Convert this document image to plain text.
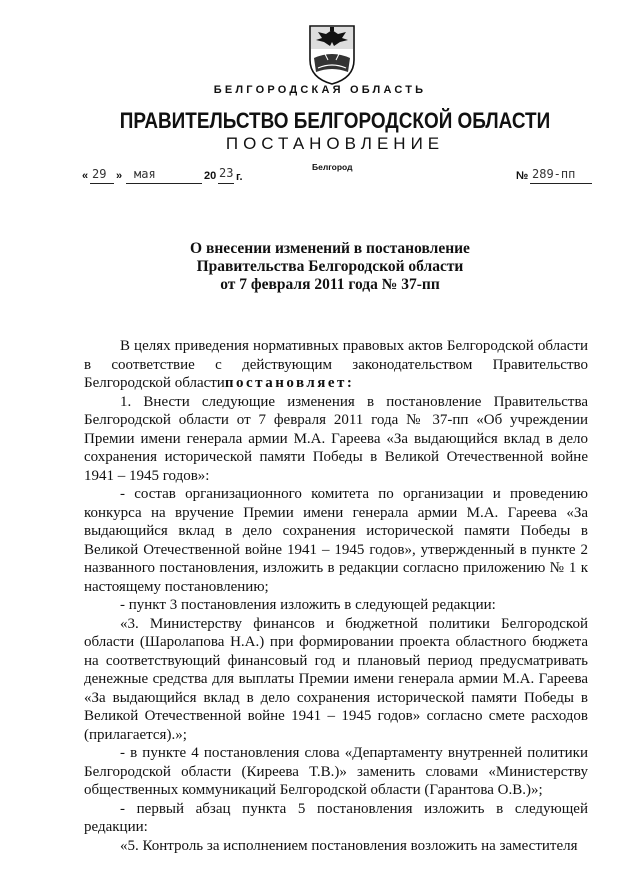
БЕЛГОРОДСКАЯ ОБЛАСТЬ
ПРАВИТЕЛЬСТВО БЕЛГОРОДСКОЙ ОБЛАСТИ
ПОСТАНОВЛЕНИЕ
Белгород
« 29 » мая	20 23 г.	№ 289-пп
О внесении изменений в постановление
Правительства Белгородской области
от 7 февраля 2011 года № 37-пп

В целях приведения нормативных правовых актов Белгородской области в соответствие с действующим законодательством Правительство Белгородской областипостановляет:

1. Внести следующие изменения в постановление Правительства Белгородской области от 7 февраля 2011 года № 37-пп «Об учреждении Премии имени генерала армии М.А. Гареева «За выдающийся вклад в дело сохранения исторической памяти Победы в Великой Отечественной войне 1941 – 1945 годов»:

- состав организационного комитета по организации и проведению конкурса на вручение Премии имени генерала армии М.А. Гареева «За выдающийся вклад в дело сохранения исторической памяти Победы в Великой Отечественной войне 1941 – 1945 годов», утвержденный в пункте 2 названного постановления, изложить в редакции согласно приложению № 1 к настоящему постановлению;

- пункт 3 постановления изложить в следующей редакции:

«3. Министерству финансов и бюджетной политики Белгородской области (Шаролапова Н.А.) при формировании проекта областного бюджета на соответствующий финансовый год и плановый период предусматривать денежные средства для выплаты Премии имени генерала армии М.А. Гареева «За выдающийся вклад в дело сохранения исторической памяти Победы в Великой Отечественной войне 1941 – 1945 годов» согласно смете расходов (прилагается).»;

- в пункте 4 постановления слова «Департаменту внутренней политики Белгородской области (Киреева Т.В.)» заменить словами «Министерству общественных коммуникаций Белгородской области (Гарантова О.В.)»;

- первый абзац пункта 5 постановления изложить в следующей редакции:

«5. Контроль за исполнением постановления возложить на заместителя
